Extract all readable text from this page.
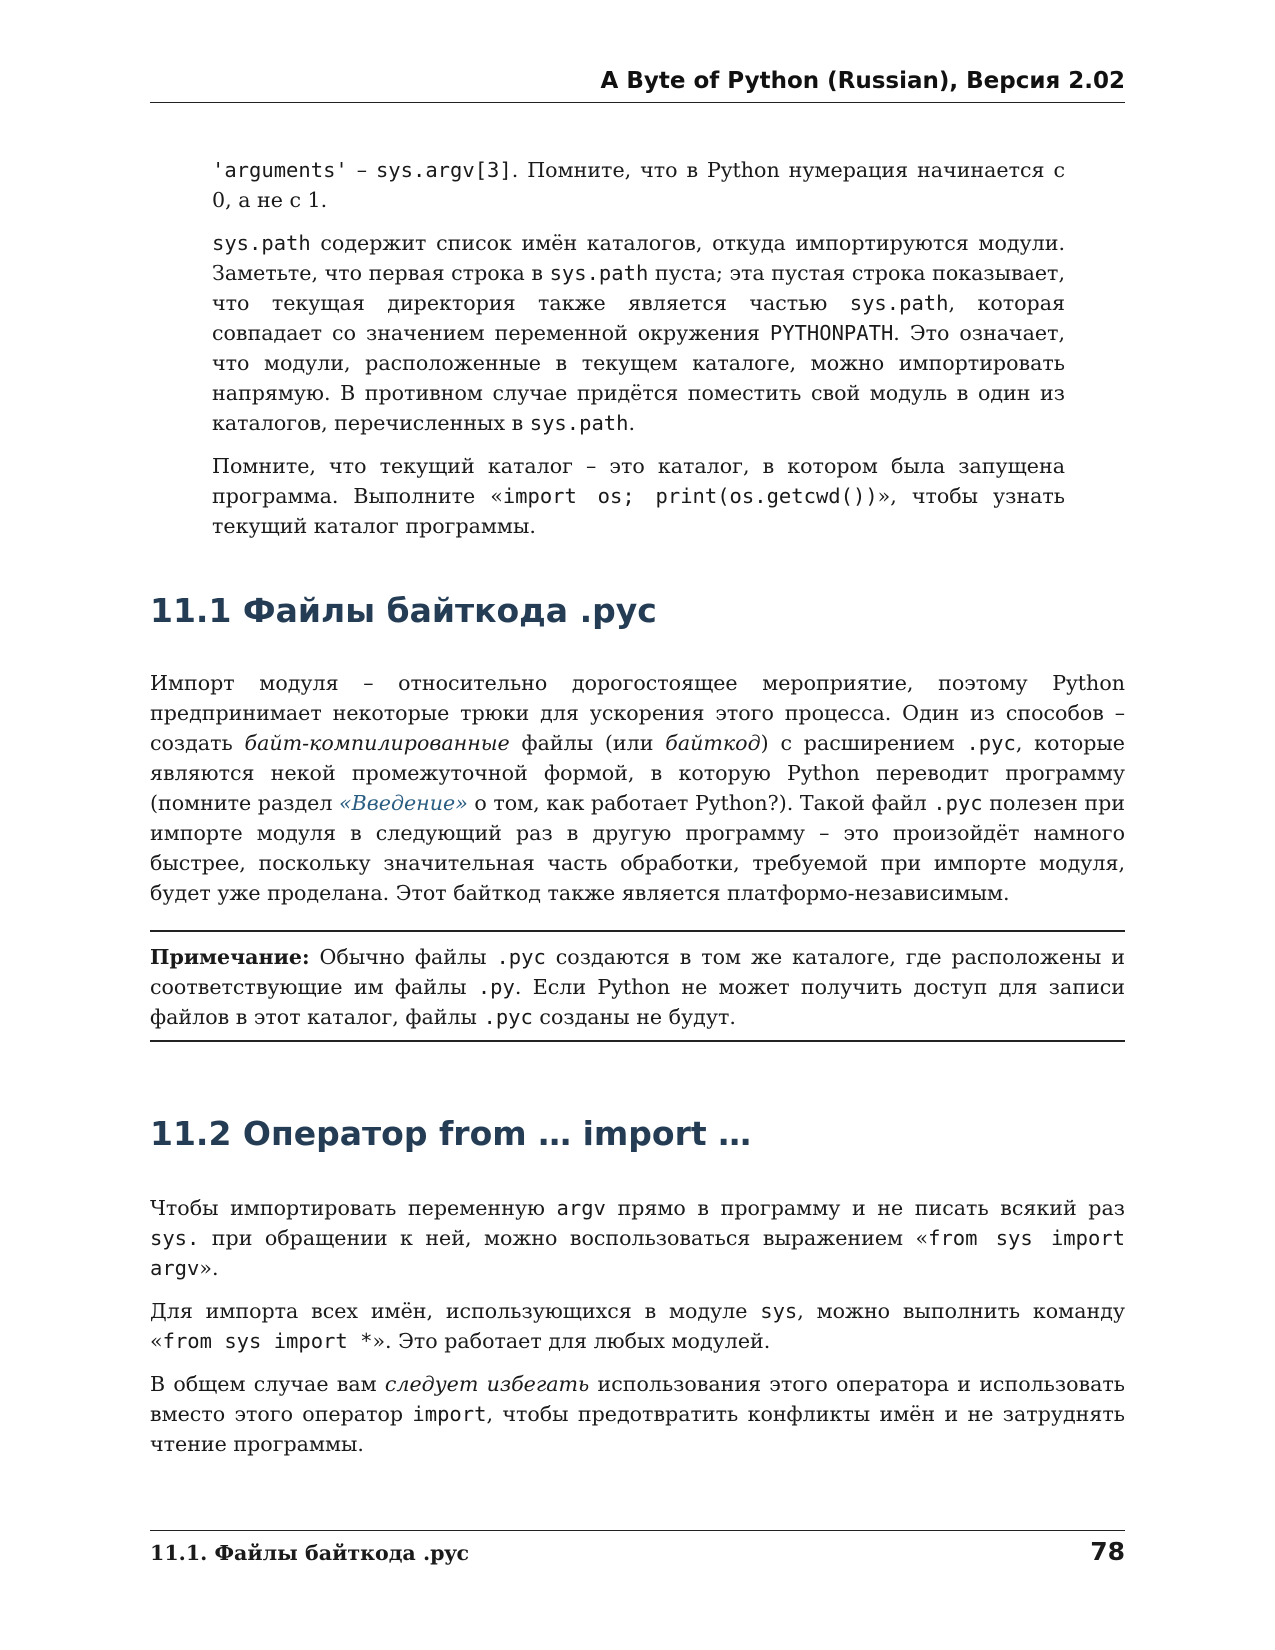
A Byte of Python (Russian), Версия 2.02

'arguments' – sys.argv[3]. Помните, что в Python нумерация начинается с 0, а не с 1.

sys.path содержит список имён каталогов, откуда импортируются модули. Заметьте, что первая строка в sys.path пуста; эта пустая строка показывает, что текущая директория также является частью sys.path, которая совпадает со значением переменной окружения PYTHONPATH. Это означает, что модули, расположенные в текущем каталоге, можно импортировать напрямую. В противном случае придётся поместить свой модуль в один из каталогов, перечисленных в sys.path.

Помните, что текущий каталог – это каталог, в котором была запущена программа. Выполните «import os; print(os.getcwd())», чтобы узнать текущий каталог программы.

11.1 Файлы байткода .pyc

Импорт модуля – относительно дорогостоящее мероприятие, поэтому Python предпринимает некоторые трюки для ускорения этого процесса. Один из способов – создать байт-компилированные файлы (или байткод) с расширением .pyc, которые являются некой промежуточной формой, в которую Python переводит программу (помните раздел «Введение» о том, как работает Python?). Такой файл .pyc полезен при импорте модуля в следующий раз в другую программу – это произойдёт намного быстрее, поскольку значительная часть обработки, требуемой при импорте модуля, будет уже проделана. Этот байткод также является платформо-независимым.

Примечание: Обычно файлы .pyc создаются в том же каталоге, где расположены и соответствующие им файлы .py. Если Python не может получить доступ для записи файлов в этот каталог, файлы .pyc созданы не будут.

11.2 Оператор from … import …

Чтобы импортировать переменную argv прямо в программу и не писать всякий раз sys. при обращении к ней, можно воспользоваться выражением «from sys import argv».

Для импорта всех имён, использующихся в модуле sys, можно выполнить команду «from sys import *». Это работает для любых модулей.

В общем случае вам следует избегать использования этого оператора и использовать вместо этого оператор import, чтобы предотвратить конфликты имён и не затруднять чтение программы.

11.1. Файлы байткода .pyc	78
